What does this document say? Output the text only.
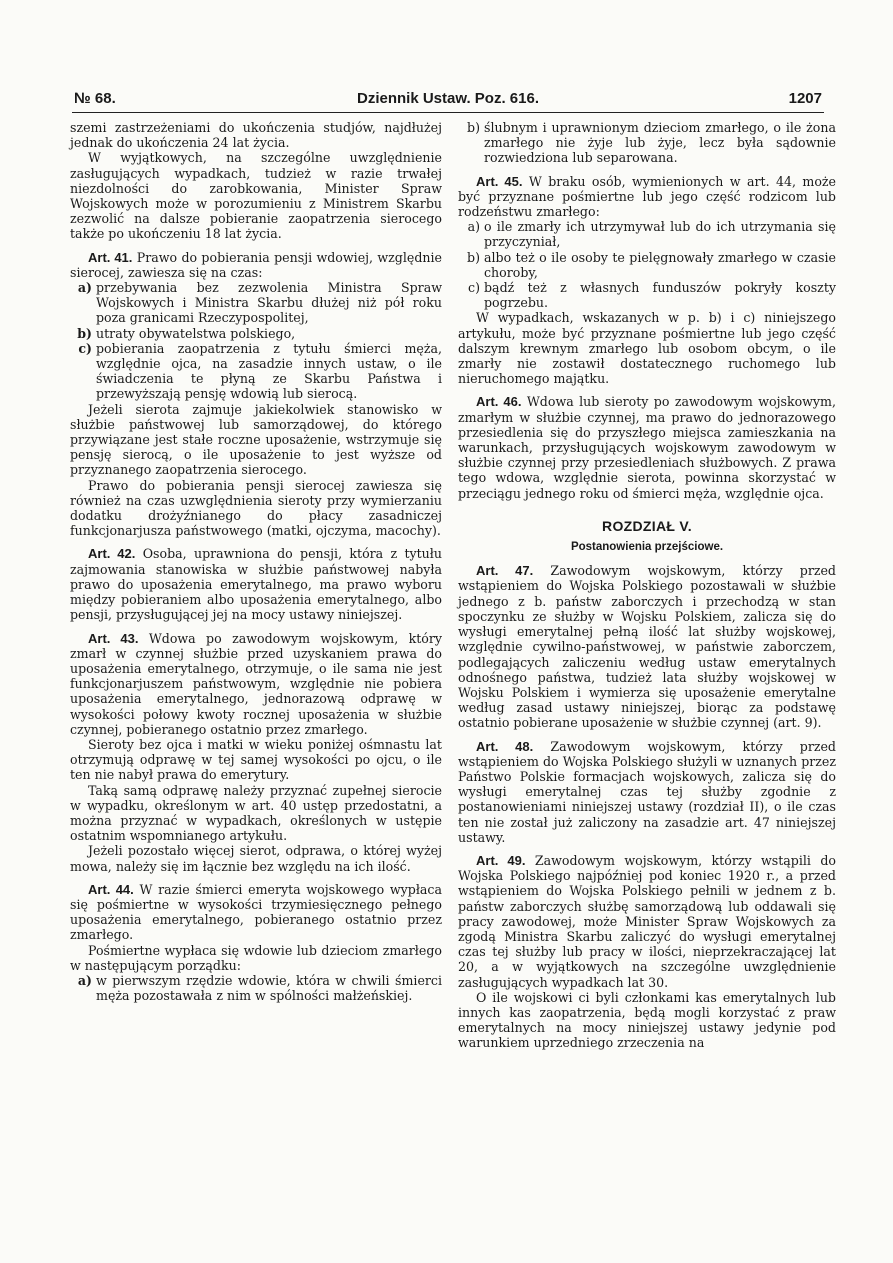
№ 68.	Dziennik Ustaw. Poz. 616.	1207

szemi zastrzeżeniami do ukończenia studjów, najdłużej jednak do ukończenia 24 lat życia.

W wyjątkowych, na szczególne uwzględnienie zasługujących wypadkach, tudzież w razie trwałej niezdolności do zarobkowania, Minister Spraw Wojskowych może w porozumieniu z Ministrem Skarbu zezwolić na dalsze pobieranie zaopatrzenia sierocego także po ukończeniu 18 lat życia.

Art. 41. Prawo do pobierania pensji wdowiej, względnie sierocej, zawiesza się na czas:

a) przebywania bez zezwolenia Ministra Spraw Wojskowych i Ministra Skarbu dłużej niż pół roku poza granicami Rzeczypospolitej,
b) utraty obywatelstwa polskiego,
c) pobierania zaopatrzenia z tytułu śmierci męża, względnie ojca, na zasadzie innych ustaw, o ile świadczenia te płyną ze Skarbu Państwa i przewyższają pensję wdowią lub sierocą.

Jeżeli sierota zajmuje jakiekolwiek stanowisko w służbie państwowej lub samorządowej, do którego przywiązane jest stałe roczne uposażenie, wstrzymuje się pensję sierocą, o ile uposażenie to jest wyższe od przyznanego zaopatrzenia sierocego.

Prawo do pobierania pensji sierocej zawiesza się również na czas uzwględnienia sieroty przy wymierzaniu dodatku drożyźnianego do płacy zasadniczej funkcjonarjusza państwowego (matki, ojczyma, macochy).

Art. 42. Osoba, uprawniona do pensji, która z tytułu zajmowania stanowiska w służbie państwowej nabyła prawo do uposażenia emerytalnego, ma prawo wyboru między pobieraniem albo uposażenia emerytalnego, albo pensji, przysługującej jej na mocy ustawy niniejszej.

Art. 43. Wdowa po zawodowym wojskowym, który zmarł w czynnej służbie przed uzyskaniem prawa do uposażenia emerytalnego, otrzymuje, o ile sama nie jest funkcjonarjuszem państwowym, względnie nie pobiera uposażenia emerytalnego, jednorazową odprawę w wysokości połowy kwoty rocznej uposażenia w służbie czynnej, pobieranego ostatnio przez zmarłego.

Sieroty bez ojca i matki w wieku poniżej ośmnastu lat otrzymują odprawę w tej samej wysokości po ojcu, o ile ten nie nabył prawa do emerytury.

Taką samą odprawę należy przyznać zupełnej sierocie w wypadku, określonym w art. 40 ustęp przedostatni, a można przyznać w wypadkach, określonych w ustępie ostatnim wspomnianego artykułu.

Jeżeli pozostało więcej sierot, odprawa, o której wyżej mowa, należy się im łącznie bez względu na ich ilość.

Art. 44. W razie śmierci emeryta wojskowego wypłaca się pośmiertne w wysokości trzymiesięcznego pełnego uposażenia emerytalnego, pobieranego ostatnio przez zmarłego.

Pośmiertne wypłaca się wdowie lub dzieciom zmarłego w następującym porządku:

a) w pierwszym rzędzie wdowie, która w chwili śmierci męża pozostawała z nim w spólności małżeńskiej.
b) ślubnym i uprawnionym dzieciom zmarłego, o ile żona zmarłego nie żyje lub żyje, lecz była sądownie rozwiedziona lub separowana.

Art. 45. W braku osób, wymienionych w art. 44, może być przyznane pośmiertne lub jego część rodzicom lub rodzeństwu zmarłego:

a) o ile zmarły ich utrzymywał lub do ich utrzymania się przyczyniał,
b) albo też o ile osoby te pielęgnowały zmarłego w czasie choroby,
c) bądź też z własnych funduszów pokryły koszty pogrzebu.

W wypadkach, wskazanych w p. b) i c) niniejszego artykułu, może być przyznane pośmiertne lub jego część dalszym krewnym zmarłego lub osobom obcym, o ile zmarły nie zostawił dostatecznego ruchomego lub nieruchomego majątku.

Art. 46. Wdowa lub sieroty po zawodowym wojskowym, zmarłym w służbie czynnej, ma prawo do jednorazowego przesiedlenia się do przyszłego miejsca zamieszkania na warunkach, przysługujących wojskowym zawodowym w służbie czynnej przy przesiedleniach służbowych. Z prawa tego wdowa, względnie sierota, powinna skorzystać w przeciągu jednego roku od śmierci męża, względnie ojca.

ROZDZIAŁ V.
Postanowienia przejściowe.

Art. 47. Zawodowym wojskowym, którzy przed wstąpieniem do Wojska Polskiego pozostawali w służbie jednego z b. państw zaborczych i przechodzą w stan spoczynku ze służby w Wojsku Polskiem, zalicza się do wysługi emerytalnej pełną ilość lat służby wojskowej, względnie cywilno-państwowej, w państwie zaborczem, podlegających zaliczeniu według ustaw emerytalnych odnośnego państwa, tudzież lata służby wojskowej w Wojsku Polskiem i wymierza się uposażenie emerytalne według zasad ustawy niniejszej, biorąc za podstawę ostatnio pobierane uposażenie w służbie czynnej (art. 9).

Art. 48. Zawodowym wojskowym, którzy przed wstąpieniem do Wojska Polskiego służyli w uznanych przez Państwo Polskie formacjach wojskowych, zalicza się do wysługi emerytalnej czas tej służby zgodnie z postanowieniami niniejszej ustawy (rozdział II), o ile czas ten nie został już zaliczony na zasadzie art. 47 niniejszej ustawy.

Art. 49. Zawodowym wojskowym, którzy wstąpili do Wojska Polskiego najpóźniej pod koniec 1920 r., a przed wstąpieniem do Wojska Polskiego pełnili w jednem z b. państw zaborczych służbę samorządową lub oddawali się pracy zawodowej, może Minister Spraw Wojskowych za zgodą Ministra Skarbu zaliczyć do wysługi emerytalnej czas tej służby lub pracy w ilości, nieprzekraczającej lat 20, a w wyjątkowych na szczególne uwzględnienie zasługujących wypadkach lat 30.

O ile wojskowi ci byli członkami kas emerytalnych lub innych kas zaopatrzenia, będą mogli korzystać z praw emerytalnych na mocy niniejszej ustawy jedynie pod warunkiem uprzedniego zrzeczenia na
